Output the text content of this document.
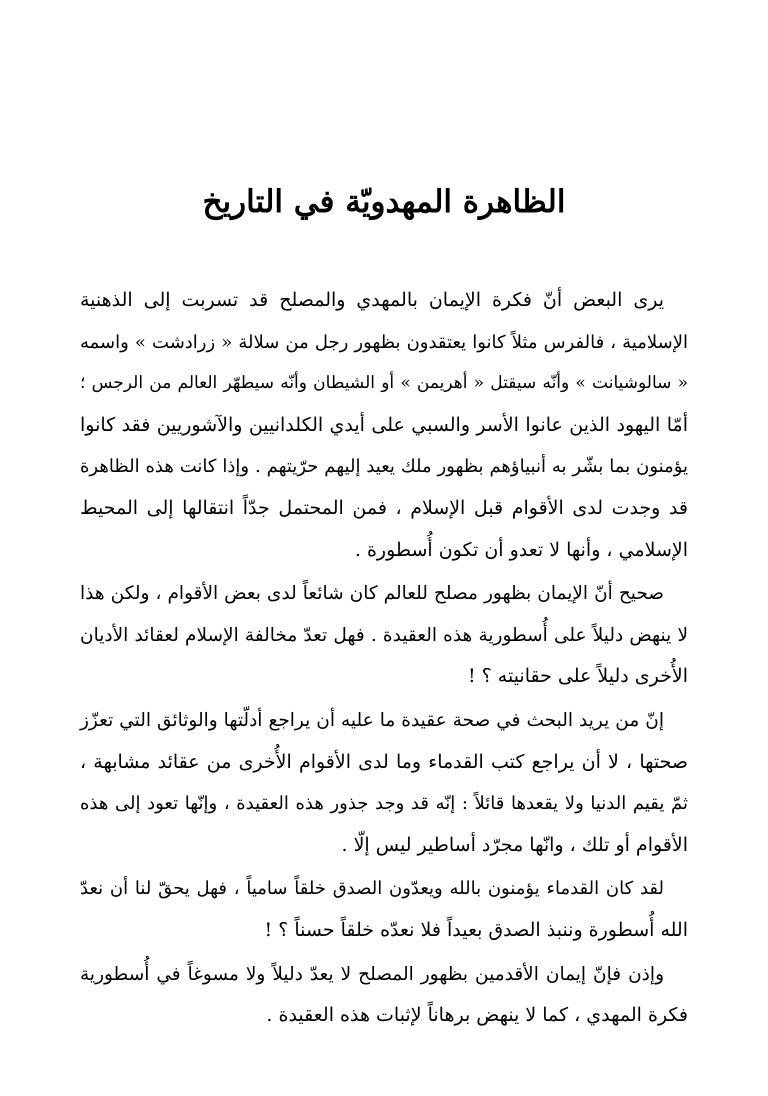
الظاهرة المهدويّة في التاريخ
يرى البعض أنّ فكرة الإيمان بالمهدي والمصلح قد تسربت إلى الذهنية
الإسلامية ، فالفرس مثلاً كانوا يعتقدون بظهور رجل من سلالة « زرادشت » واسمه
« سالوشيانت » وأنّه سيقتل « أهريمن » أو الشيطان وأنّه سيطهّر العالم من الرجس ؛
أمّا اليهود الذين عانوا الأسر والسبي على أيدي الكلدانيين والآشوريين فقد كانوا
يؤمنون بما بشّر به أنبياؤهم بظهور ملك يعيد إليهم حرّيتهم . وإذا كانت هذه الظاهرة
قد وجدت لدى الأقوام قبل الإسلام ، فمن المحتمل جدّاً انتقالها إلى المحيط
الإسلامي ، وأنها لا تعدو أن تكون أُسطورة .
صحيح أنّ الإيمان بظهور مصلح للعالم كان شائعاً لدى بعض الأقوام ، ولكن هذا
لا ينهض دليلاً على أُسطورية هذه العقيدة . فهل تعدّ مخالفة الإسلام لعقائد الأديان
الأُخرى دليلاً على حقانيته ؟ !
إنّ من يريد البحث في صحة عقيدة ما عليه أن يراجع أدلّتها والوثائق التي تعزّز
صحتها ، لا أن يراجع كتب القدماء وما لدى الأقوام الأُخرى من عقائد مشابهة ،
ثمّ يقيم الدنيا ولا يقعدها قائلاً : إنّه قد وجد جذور هذه العقيدة ، وإنّها تعود إلى هذه
الأقوام أو تلك ، وانّها مجرّد أساطير ليس إلّا .
لقد كان القدماء يؤمنون بالله ويعدّون الصدق خلقاً سامياً ، فهل يحقّ لنا أن نعدّ
الله أُسطورة وننبذ الصدق بعيداً فلا نعدّه خلقاً حسناً ؟ !
وإذن فإنّ إيمان الأقدمين بظهور المصلح لا يعدّ دليلاً ولا مسوغاً في أُسطورية
فكرة المهدي ، كما لا ينهض برهاناً لإثبات هذه العقيدة .
